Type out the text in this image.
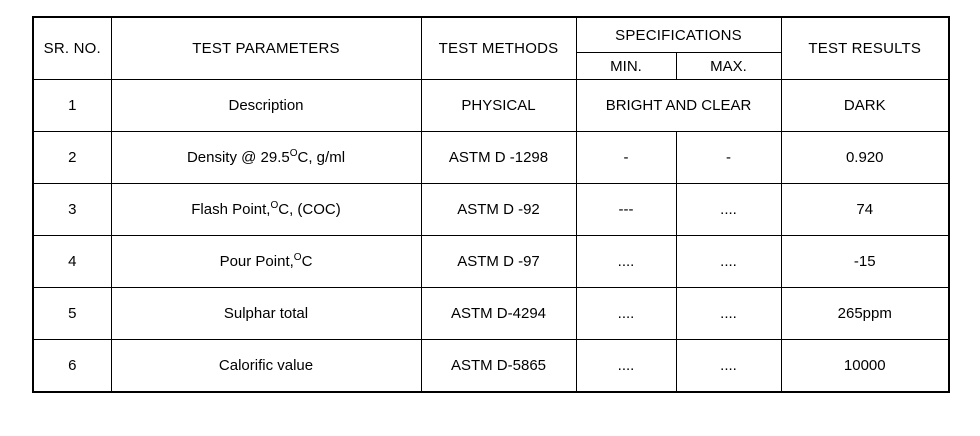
SR. NO.	TEST PARAMETERS	TEST METHODS	SPECIFICATIONS		TEST RESULTS
			MIN.	MAX.	
1	Description	PHYSICAL	BRIGHT AND CLEAR		DARK
2	Density @ $29.5^OC$, g/ml	ASTM D -1298	-	-	0.920
3	Flash Point,$^O$C, (COC)	ASTM D -92	---	....	74
4	Pour Point,$^O$C	ASTM D -97	....	....	-15
5	Sulphar total	ASTM D-4294	....	....	265ppm
6	Calorific value	ASTM D-5865	....	....	10000
